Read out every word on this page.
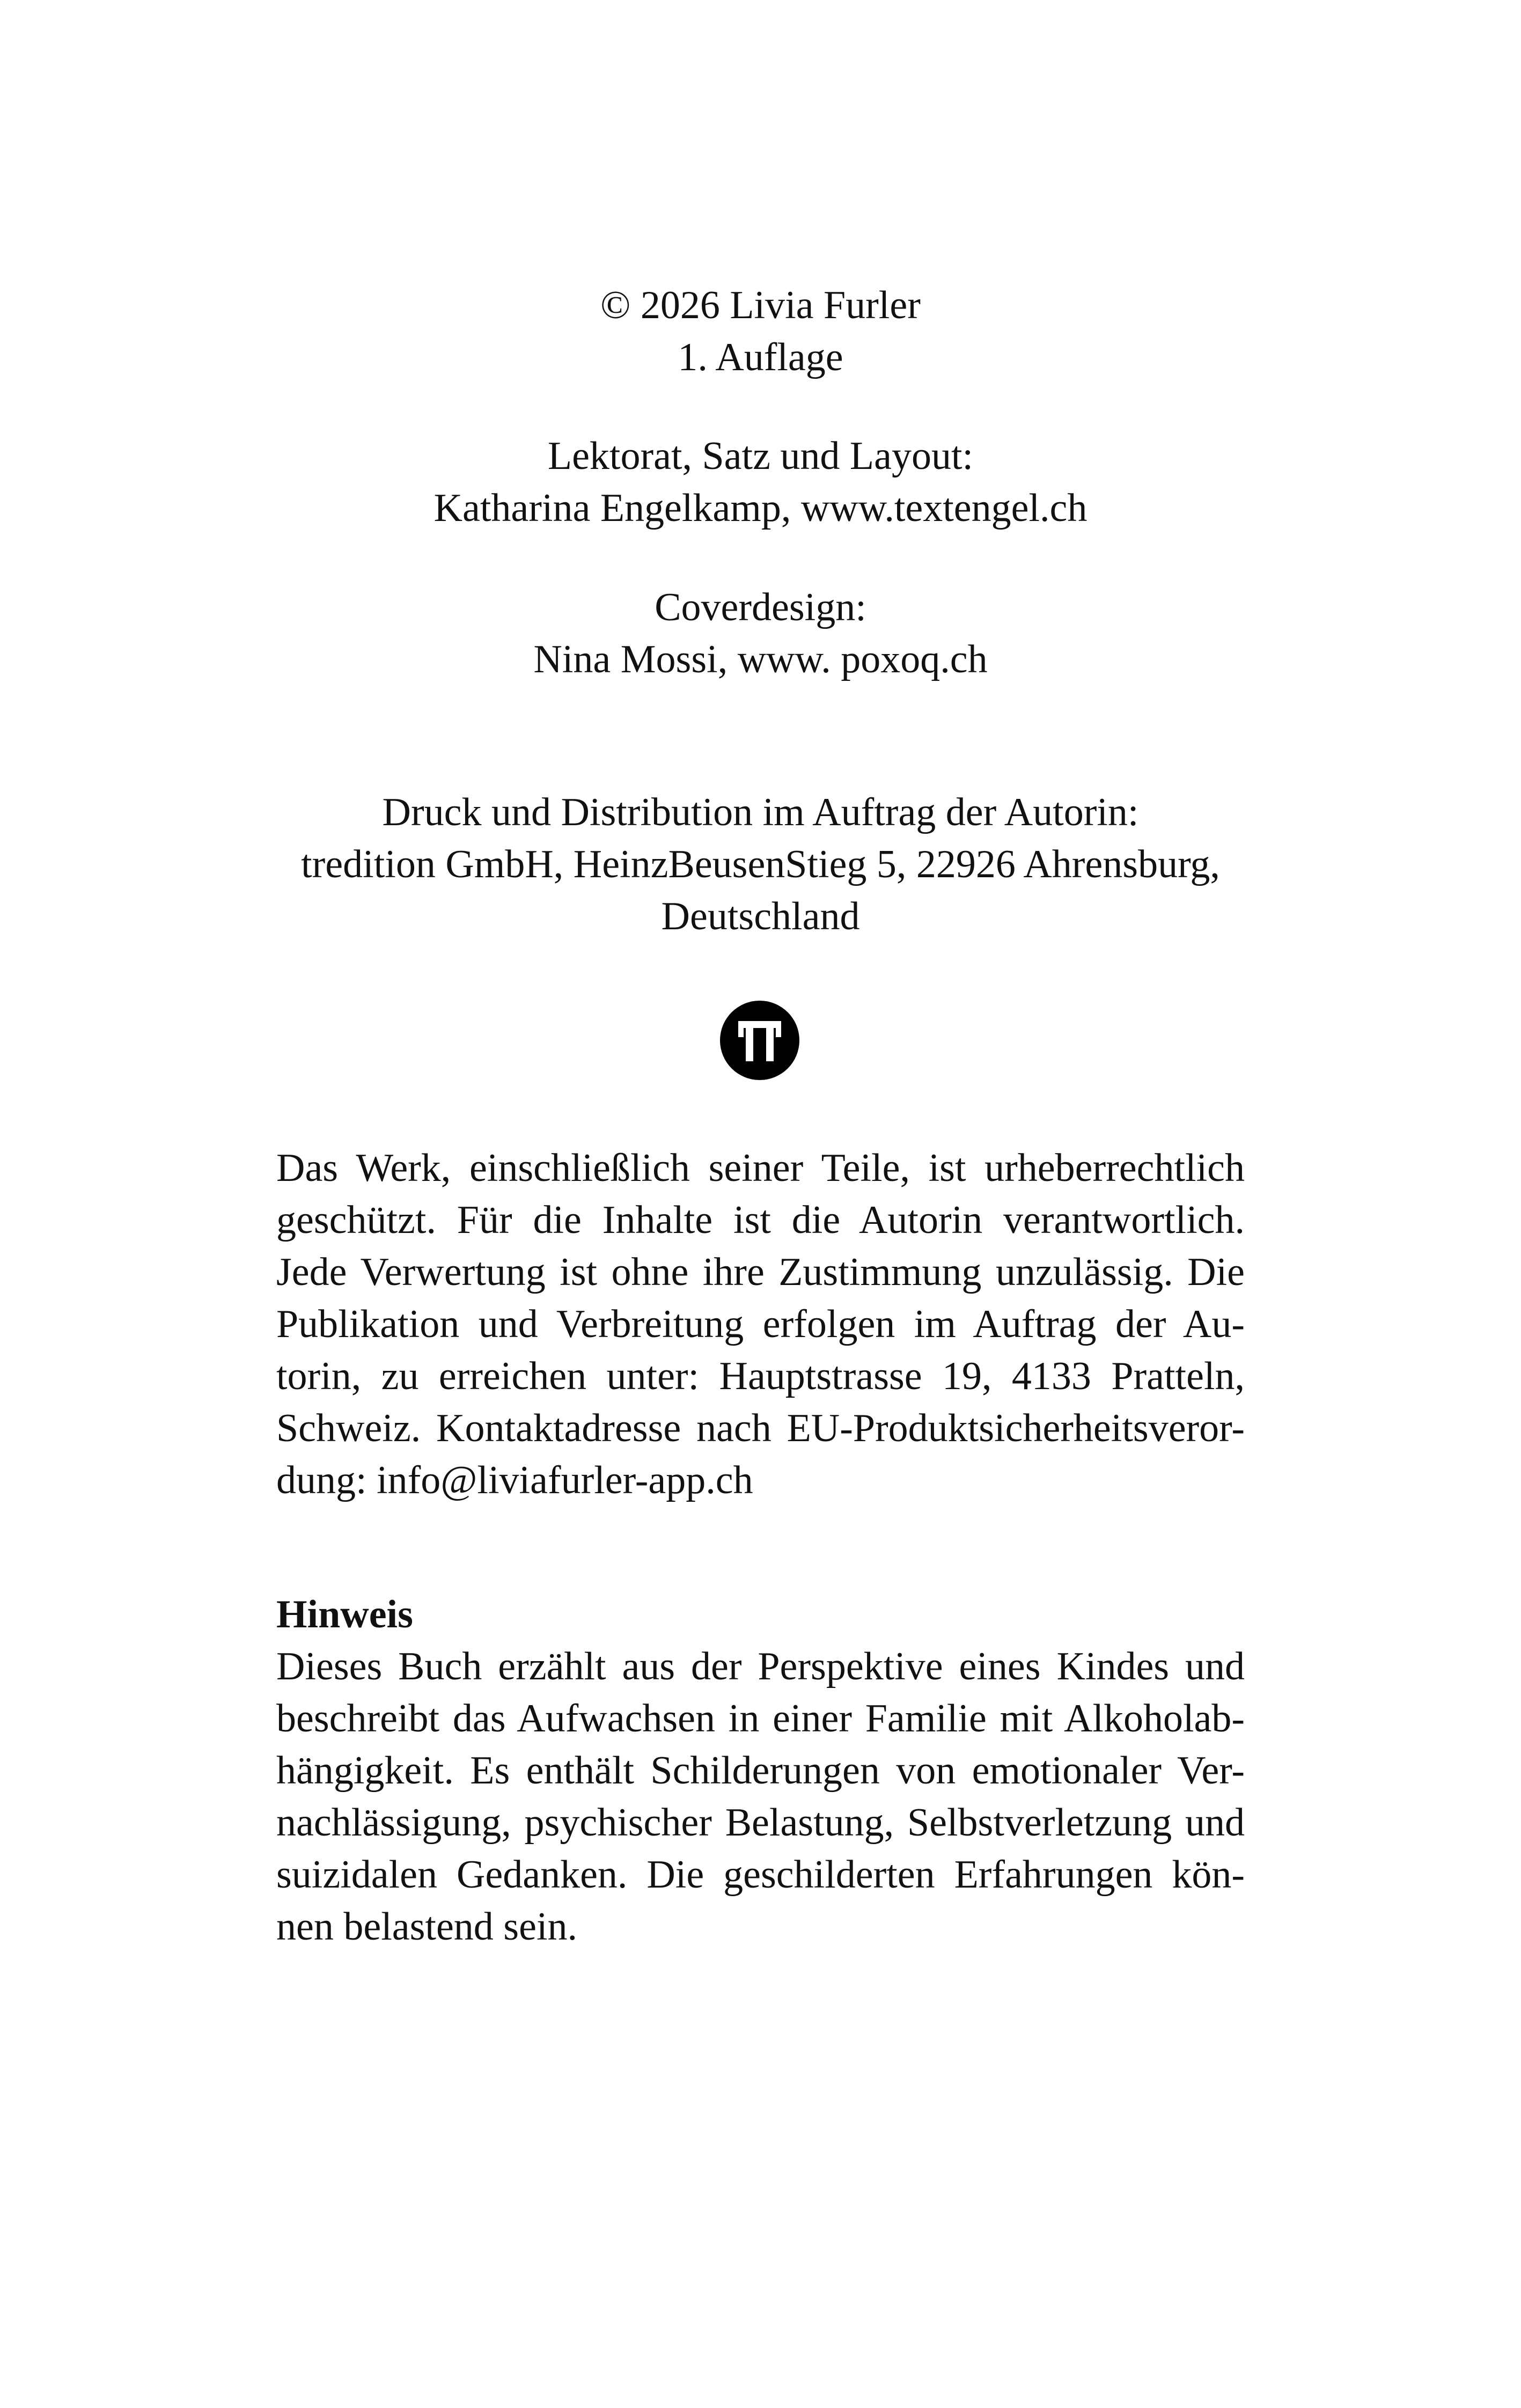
© 2026 Livia Furler
1. Auflage
Lektorat, Satz und Layout:
Katharina Engelkamp, www.textengel.ch
Coverdesign:
Nina Mossi, www. poxoq.ch
Druck und Distribution im Auftrag der Autorin:
tredition GmbH, HeinzBeusenStieg 5, 22926 Ahrensburg,
Deutschland
Das Werk, einschließlich seiner Teile, ist urheberrechtlich
geschützt. Für die Inhalte ist die Autorin verantwortlich.
Jede Verwertung ist ohne ihre Zustimmung unzulässig. Die
Publikation und Verbreitung erfolgen im Auftrag der Au-
torin, zu erreichen unter: Hauptstrasse 19, 4133 Pratteln,
Schweiz. Kontaktadresse nach EU-Produktsicherheitsveror-
dung: info@liviafurler-app.ch
Hinweis
Dieses Buch erzählt aus der Perspektive eines Kindes und
beschreibt das Aufwachsen in einer Familie mit Alkoholab-
hängigkeit. Es enthält Schilderungen von emotionaler Ver-
nachlässigung, psychischer Belastung, Selbstverletzung und
suizidalen Gedanken. Die geschilderten Erfahrungen kön-
nen belastend sein.
